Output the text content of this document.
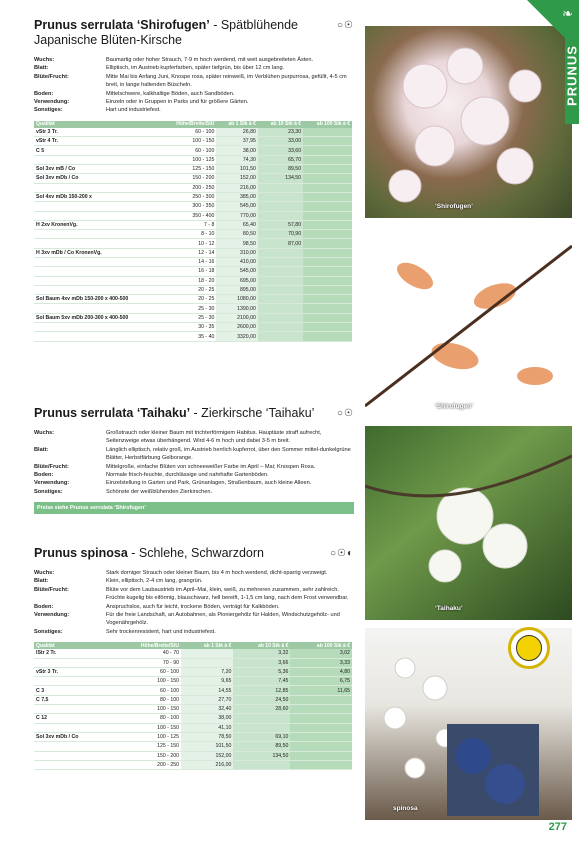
Prunus serrulata ‘Shirofugen’ - Spätblühende Japanische Blüten-Kirsche
○☉
Wuchs:	Baumartig oder hoher Strauch, 7-9 m hoch werdend, mit weit ausgebreiteten Ästen.
Blatt:	Elliptisch, im Austrieb kupferfarben, später tiefgrün, bis über 12 cm lang.
Blüte/Frucht:	Mitte Mai bis Anfang Juni, Knospe rosa, später reinweiß, im Verblühen purpurrosa, gefüllt, 4-5 cm breit, in lange haltenden Büscheln.
Boden:	Mittelschwere, kalkhaltige Böden, auch Sandböden.
Verwendung:	Einzeln oder in Gruppen in Parks und für größere Gärten.
Sonstiges:	Hart und industriefest.
Qualität	Höhe/Breite/StU	ab 1 Stk à €	ab 10 Stk à €	ab 100 Stk à €
vStr 3 Tr.	60 - 100	26,80	23,30	
vStr 4 Tr.	100 - 150	37,95	33,00	
C 5	60 - 100	38,00	33,60	
	100 - 125	74,30	65,70	
Sol 3xv mB / Co	125 - 150	101,50	89,50	
Sol 3xv mDb / Co	150 - 200	152,00	134,50	
	200 - 250	216,00		
Sol 4xv mDb 150-200 x	250 - 300	385,00		
	300 - 350	545,00		
	350 - 400	770,00		
H 2xv KronenVg.	7 - 8	65,40	57,80	
	8 - 10	80,50	70,90	
	10 - 12	98,50	87,00	
H 3xv mDb / Co KronenVg.	12 - 14	310,00		
	14 - 16	410,00		
	16 - 18	545,00		
	18 - 20	695,00		
	20 - 25	895,00		
Sol Baum 4xv mDb 150-200 x 400-500	20 - 25	1080,00		
	25 - 30	1390,00		
Sol Baum 5xv mDb 200-300 x 400-500	25 - 30	2100,00		
	30 - 35	2600,00		
	35 - 40	3320,00		
Prunus serrulata ‘Taihaku’ - Zierkirsche ‘Taihaku’	○☉
Wuchs:	Großstrauch oder kleiner Baum mit trichterförmigem Habitus. Hauptäste straff aufrecht, Seitenzweige etwas überhängend. Wird 4-6 m hoch und dabei 3-5 m breit.
Blatt:	Länglich elliptisch, relativ groß, im Austrieb herrlich kupferrot, über den Sommer mittel-dunkelgrüne Blätter, Herbstfärbung Gelborange.
Blüte/Frucht:	Mittelgroße, einfache Blüten von schneeweißer Farbe im April – Mai; Knospen Rosa.
Boden:	Normale frisch-feuchte, durchlässige und nahrhafte Gartenböden.
Verwendung:	Einzelstellung in Garten und Park, Grünanlagen, Straßenbaum, auch kleine Alleen.
Sonstiges:	Schönste der weißblühenden Zierkirschen.
Preise siehe Prunus serrulata ‘Shirofugen’
Prunus spinosa - Schlehe, Schwarzdorn	○☉◐
Wuchs:	Stark dorniger Strauch oder kleiner Baum, bis 4 m hoch werdend, dicht-sparrig verzweigt.
Blatt:	Klein, elliptisch, 2-4 cm lang, grangrün.
Blüte/Frucht:	Blüte vor dem Laubaustrieb im April–Mai, klein, weiß, zu mehreren zusammen, sehr zahlreich. Früchte kugelig bis eiförmig, blauschwarz, hell bereift, 1-1,5 cm lang, nach dem Frost verwendbar.
Boden:	Anspruchslos, auch für leicht, trockene Böden, verträgt für Kalkböden.
Verwendung:	Für die freie Landschaft, an Autobahnen, als Pioniergehölz für Halden, Windschutzgehölz- und Vogenährgehölz.
Sonstiges:	Sehr trockenresistent, hart und industriefest.
Qualität	Höhe/Breite/StU	ab 1 Stk à €	ab 10 Stk à €	ab 100 Stk à €
lStr 2 Tr.	40 - 70		3,32	3,02
	70 - 90		3,66	3,33
vStr 3 Tr.	60 - 100	7,20	5,36	4,80
	100 - 150	9,65	7,45	6,75
C 3	60 - 100	14,55	12,85	11,65
C 7,5	80 - 100	27,70	24,50	
	100 - 150	32,40	28,60	
C 12	80 - 100	38,00		
	100 - 150	41,10		
Sol 3xv mDb / Co	100 - 125	78,50	69,10	
	125 - 150	101,50	89,50	
	150 - 200	152,00	134,50	
	200 - 250	216,00		
‘Shirofugen’
‘Shirofugen’
‘Taihaku’
spinosa
❧
PRUNUS
277
